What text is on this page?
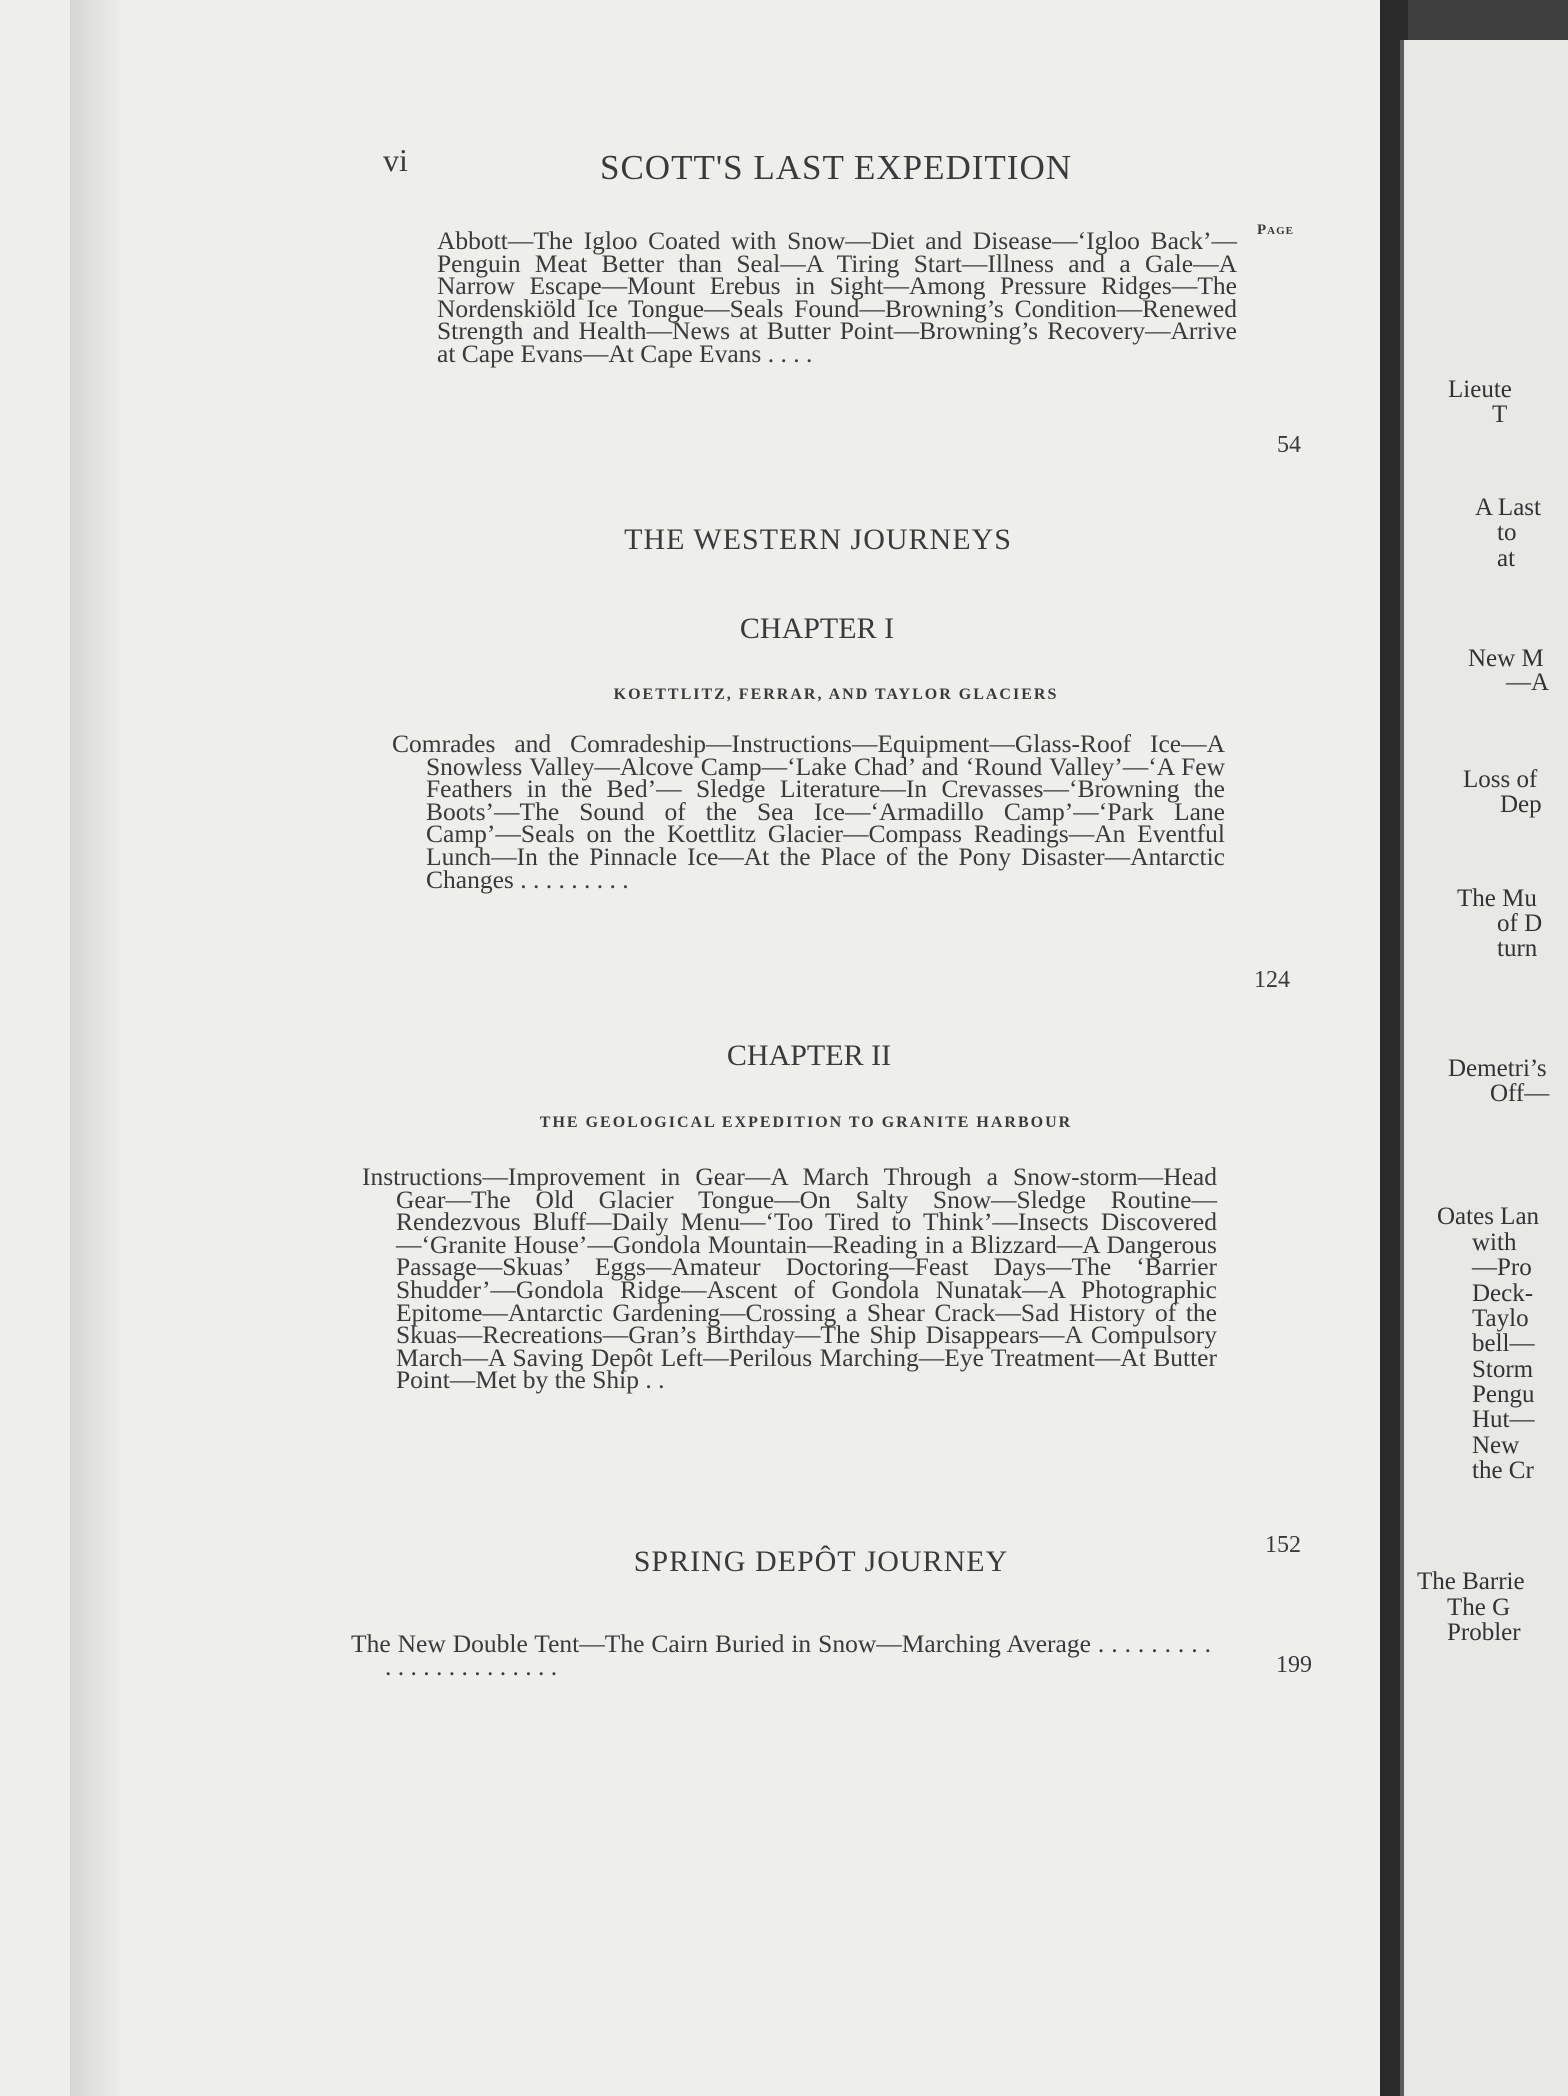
vi	SCOTT'S LAST EXPEDITION
Page
Abbott—The Igloo Coated with Snow—Diet and Disease—‘Igloo Back’—Penguin Meat Better than Seal—A Tiring Start—Illness and a Gale—A Narrow Escape—Mount Erebus in Sight—Among Pressure Ridges—The Nordenskiöld Ice Tongue—Seals Found—Browning’s Condition—Renewed Strength and Health—News at Butter Point—Browning’s Recovery—Arrive at Cape Evans—At Cape Evans . . . .
54
THE WESTERN JOURNEYS
CHAPTER I
KOETTLITZ, FERRAR, AND TAYLOR GLACIERS
Comrades and Comradeship—Instructions—Equipment—Glass-Roof Ice—A Snowless Valley—Alcove Camp—‘Lake Chad’ and ‘Round Valley’—‘A Few Feathers in the Bed’— Sledge Literature—In Crevasses—‘Browning the Boots’—The Sound of the Sea Ice—‘Armadillo Camp’—‘Park Lane Camp’—Seals on the Koettlitz Glacier—Compass Readings—An Eventful Lunch—In the Pinnacle Ice—At the Place of the Pony Disaster—Antarctic Changes . . . . . . . . .
124
CHAPTER II
THE GEOLOGICAL EXPEDITION TO GRANITE HARBOUR
Instructions—Improvement in Gear—A March Through a Snow-storm—Head Gear—The Old Glacier Tongue—On Salty Snow—Sledge Routine—Rendezvous Bluff—Daily Menu—‘Too Tired to Think’—Insects Discovered—‘Granite House’—Gondola Mountain—Reading in a Blizzard—A Dangerous Passage—Skuas’ Eggs—Amateur Doctoring—Feast Days—The ‘Barrier Shudder’—Gondola Ridge—Ascent of Gondola Nunatak—A Photographic Epitome—Antarctic Gardening—Crossing a Shear Crack—Sad History of the Skuas—Recreations—Gran’s Birthday—The Ship Disappears—A Compulsory March—A Saving Depôt Left—Perilous Marching—Eye Treatment—At Butter Point—Met by the Ship . .
152
SPRING DEPÔT JOURNEY
The New Double Tent—The Cairn Buried in Snow—Marching Average . . . . . . . . . . . . . . . . . . . . . . .	199
Lieute
T
A Last
to
at
New M
—A
Loss of
Dep
The Mu
of D
turn
Demetri’s
Off—
Oates Lan
with
—Pro
Deck-
Taylo
bell—
Storm
Pengu
Hut—
New
the Cr
The Barrie
The G
Probler
